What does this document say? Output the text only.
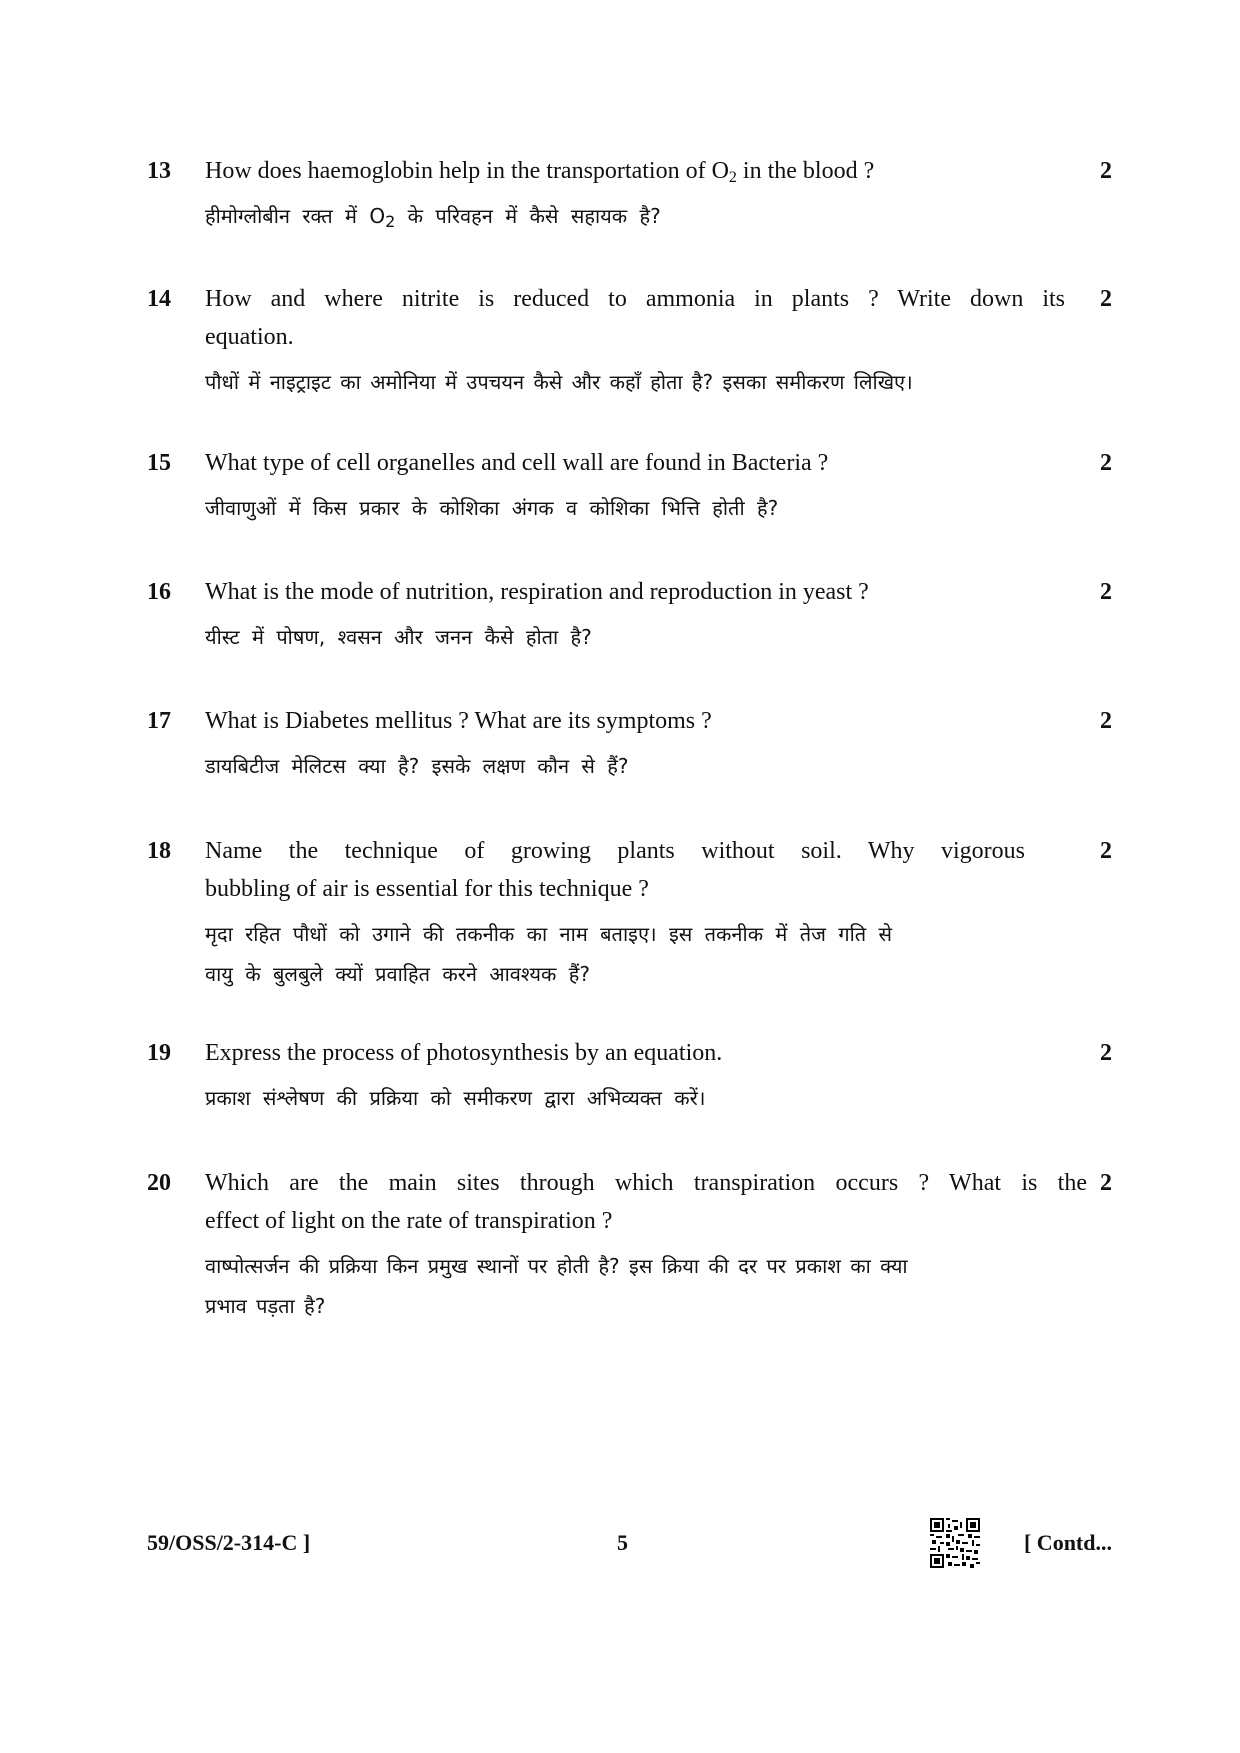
13 How does haemoglobin help in the transportation of $O_2$ in the blood ?
हीमोग्लोबीन रक्त में $O_2$ के परिवहन में कैसे सहायक है?
2
14 How and where nitrite is reduced to ammonia in plants ? Write down its
equation.
पौधों में नाइट्राइट का अमोनिया में उपचयन कैसे और कहाँ होता है? इसका समीकरण लिखिए।
2
15 What type of cell organelles and cell wall are found in Bacteria ?
जीवाणुओं में किस प्रकार के कोशिका अंगक व कोशिका भित्ति होती है?
2
16 What is the mode of nutrition, respiration and reproduction in yeast ?
यीस्ट में पोषण, श्वसन और जनन कैसे होता है?
2
17 What is Diabetes mellitus ? What are its symptoms ?
डायबिटीज मेलिटस क्या है? इसके लक्षण कौन से हैं?
2
18 Name the technique of growing plants without soil. Why vigorous
bubbling of air is essential for this technique ?
मृदा रहित पौधों को उगाने की तकनीक का नाम बताइए। इस तकनीक में तेज गति से
वायु के बुलबुले क्यों प्रवाहित करने आवश्यक हैं?
2
19 Express the process of photosynthesis by an equation.
प्रकाश संश्लेषण की प्रक्रिया को समीकरण द्वारा अभिव्यक्त करें।
2
20 Which are the main sites through which transpiration occurs ? What is the
effect of light on the rate of transpiration ?
वाष्पोत्सर्जन की प्रक्रिया किन प्रमुख स्थानों पर होती है? इस क्रिया की दर पर प्रकाश का क्या
प्रभाव पड़ता है?
2
59/OSS/2-314-C ]	5	[ Contd...
